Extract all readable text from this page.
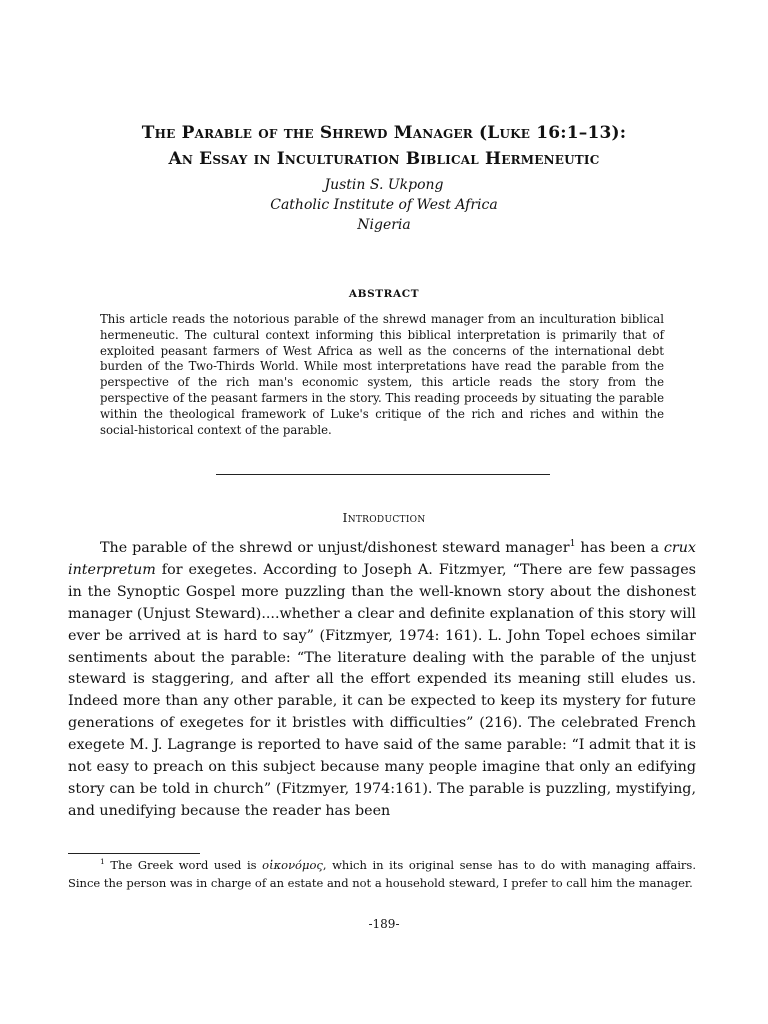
The Parable of the Shrewd Manager (Luke 16:1–13):
An Essay in Inculturation Biblical Hermeneutic
Justin S. Ukpong
Catholic Institute of West Africa
Nigeria
ABSTRACT
This article reads the notorious parable of the shrewd manager from an inculturation biblical hermeneutic. The cultural context informing this biblical interpretation is primarily that of exploited peasant farmers of West Africa as well as the concerns of the international debt burden of the Two-Thirds World. While most interpretations have read the parable from the perspective of the rich man's economic system, this article reads the story from the perspective of the peasant farmers in the story. This reading proceeds by situating the parable within the theological framework of Luke's critique of the rich and riches and within the social-historical context of the parable.
Introduction

The parable of the shrewd or unjust/dishonest steward manager$^1$ has been a crux interpretum for exegetes. According to Joseph A. Fitzmyer, “There are few passages in the Synoptic Gospel more puzzling than the well-known story about the dishonest manager (Unjust Steward)....whether a clear and definite explanation of this story will ever be arrived at is hard to say” (Fitzmyer, 1974: 161). L. John Topel echoes similar sentiments about the parable: “The literature dealing with the parable of the unjust steward is staggering, and after all the effort expended its meaning still eludes us. Indeed more than any other parable, it can be expected to keep its mystery for future generations of exegetes for it bristles with difficulties” (216). The celebrated French exegete M. J. Lagrange is reported to have said of the same parable: “I admit that it is not easy to preach on this subject because many people imagine that only an edifying story can be told in church” (Fitzmyer, 1974:161). The parable is puzzling, mystifying, and unedifying because the reader has been

$^1$ The Greek word used is οἰκονόμος, which in its original sense has to do with managing affairs. Since the person was in charge of an estate and not a household steward, I prefer to call him the manager.

-189-
